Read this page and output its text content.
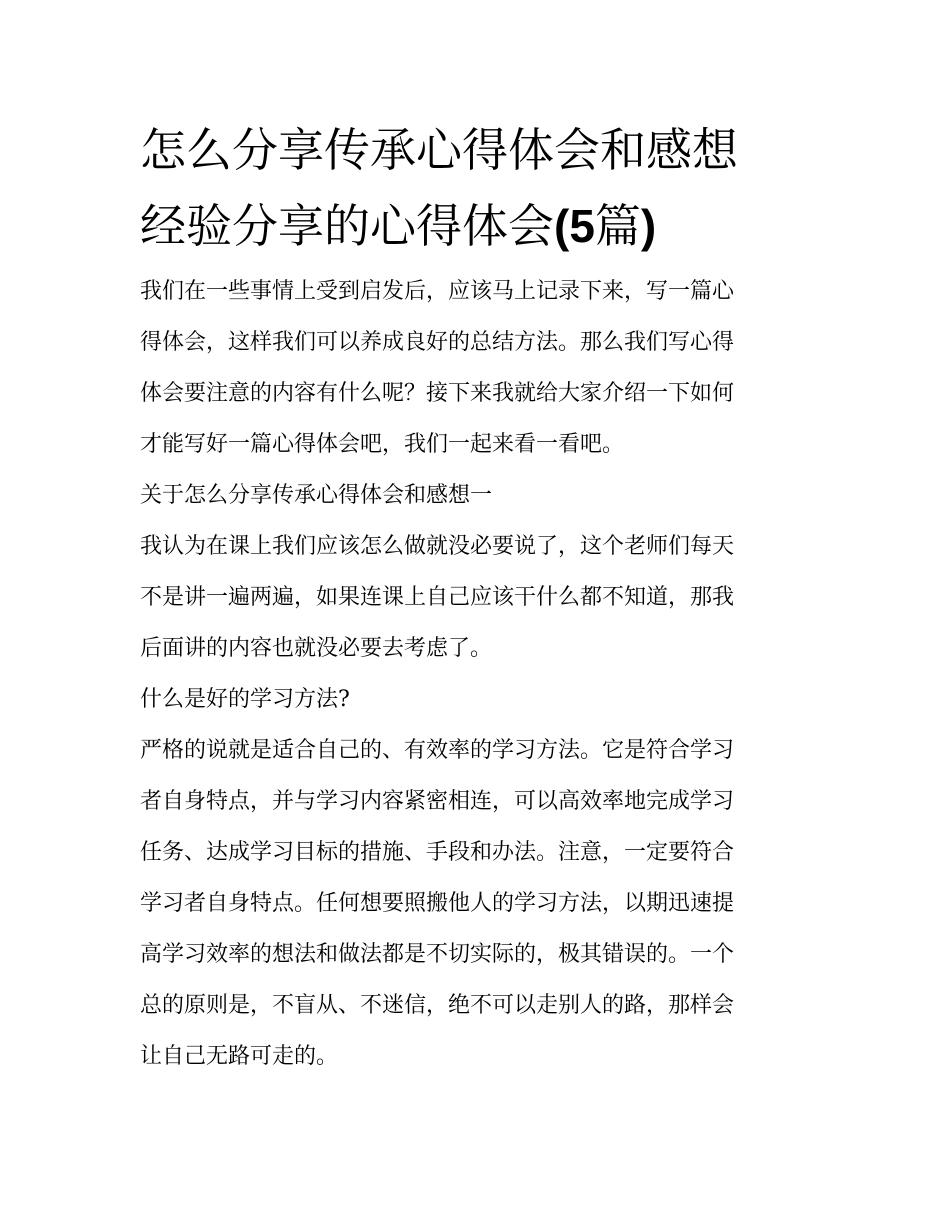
怎么分享传承心得体会和感想
经验分享的心得体会(5篇)
我们在一些事情上受到启发后，应该马上记录下来，写一篇心
得体会，这样我们可以养成良好的总结方法。那么我们写心得
体会要注意的内容有什么呢？接下来我就给大家介绍一下如何
才能写好一篇心得体会吧，我们一起来看一看吧。
关于怎么分享传承心得体会和感想一
我认为在课上我们应该怎么做就没必要说了，这个老师们每天
不是讲一遍两遍，如果连课上自己应该干什么都不知道，那我
后面讲的内容也就没必要去考虑了。
什么是好的学习方法?
严格的说就是适合自己的、有效率的学习方法。它是符合学习
者自身特点，并与学习内容紧密相连，可以高效率地完成学习
任务、达成学习目标的措施、手段和办法。注意，一定要符合
学习者自身特点。任何想要照搬他人的学习方法，以期迅速提
高学习效率的想法和做法都是不切实际的，极其错误的。一个
总的原则是，不盲从、不迷信，绝不可以走别人的路，那样会
让自己无路可走的。
